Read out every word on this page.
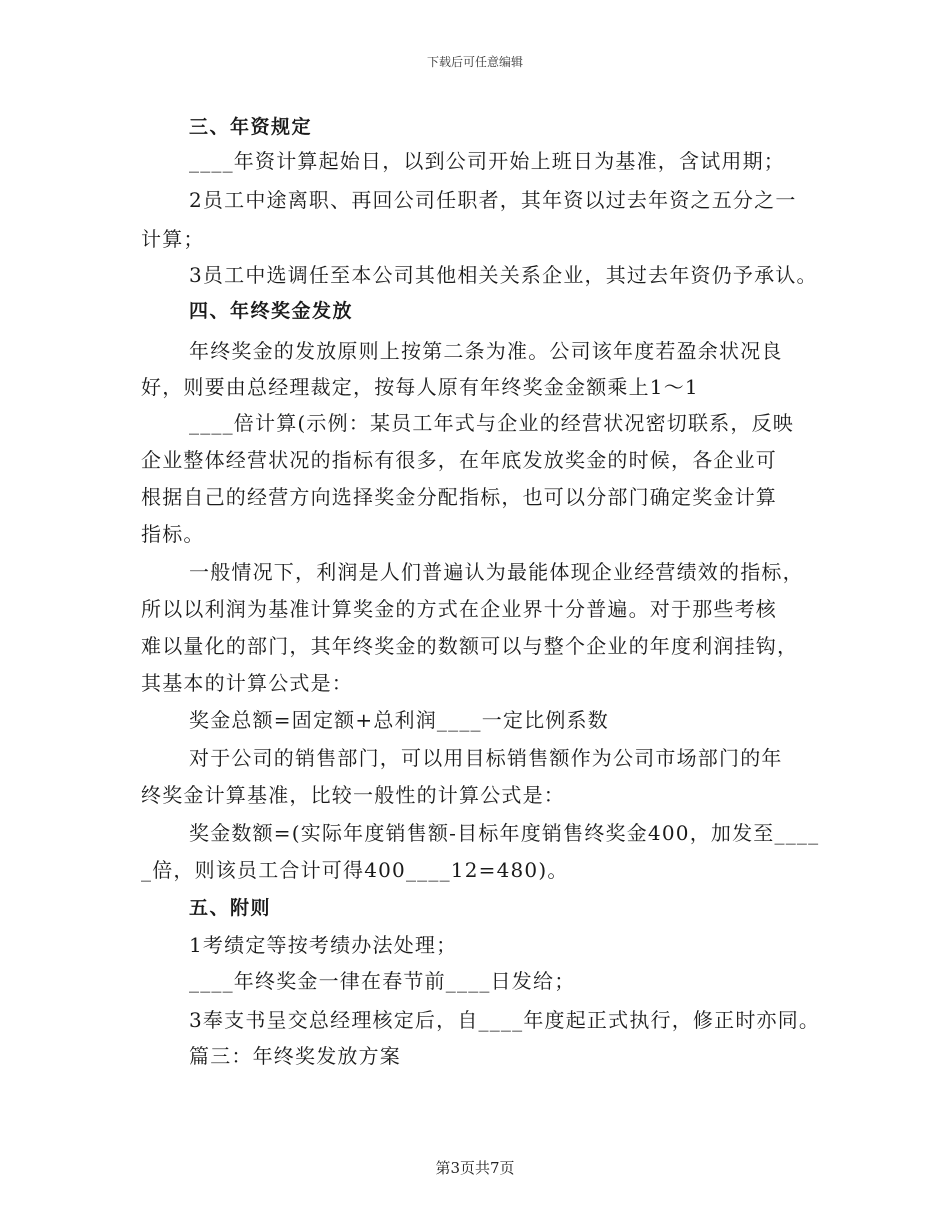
下载后可任意编辑
三、年资规定
____年资计算起始日，以到公司开始上班日为基准，含试用期；
2员工中途离职、再回公司任职者，其年资以过去年资之五分之一
计算；
3员工中选调任至本公司其他相关关系企业，其过去年资仍予承认。
四、年终奖金发放
年终奖金的发放原则上按第二条为准。公司该年度若盈余状况良
好，则要由总经理裁定，按每人原有年终奖金金额乘上1～1
____倍计算(示例：某员工年式与企业的经营状况密切联系，反映
企业整体经营状况的指标有很多，在年底发放奖金的时候，各企业可
根据自己的经营方向选择奖金分配指标，也可以分部门确定奖金计算
指标。
一般情况下，利润是人们普遍认为最能体现企业经营绩效的指标，
所以以利润为基准计算奖金的方式在企业界十分普遍。对于那些考核
难以量化的部门，其年终奖金的数额可以与整个企业的年度利润挂钩，
其基本的计算公式是：
奖金总额=固定额+总利润____一定比例系数
对于公司的销售部门，可以用目标销售额作为公司市场部门的年
终奖金计算基准，比较一般性的计算公式是：
奖金数额=(实际年度销售额-目标年度销售终奖金400，加发至____
_倍，则该员工合计可得400____12=480)。
五、附则
1考绩定等按考绩办法处理；
____年终奖金一律在春节前____日发给；
3奉支书呈交总经理核定后，自____年度起正式执行，修正时亦同。
篇三：年终奖发放方案
第3页共7页
